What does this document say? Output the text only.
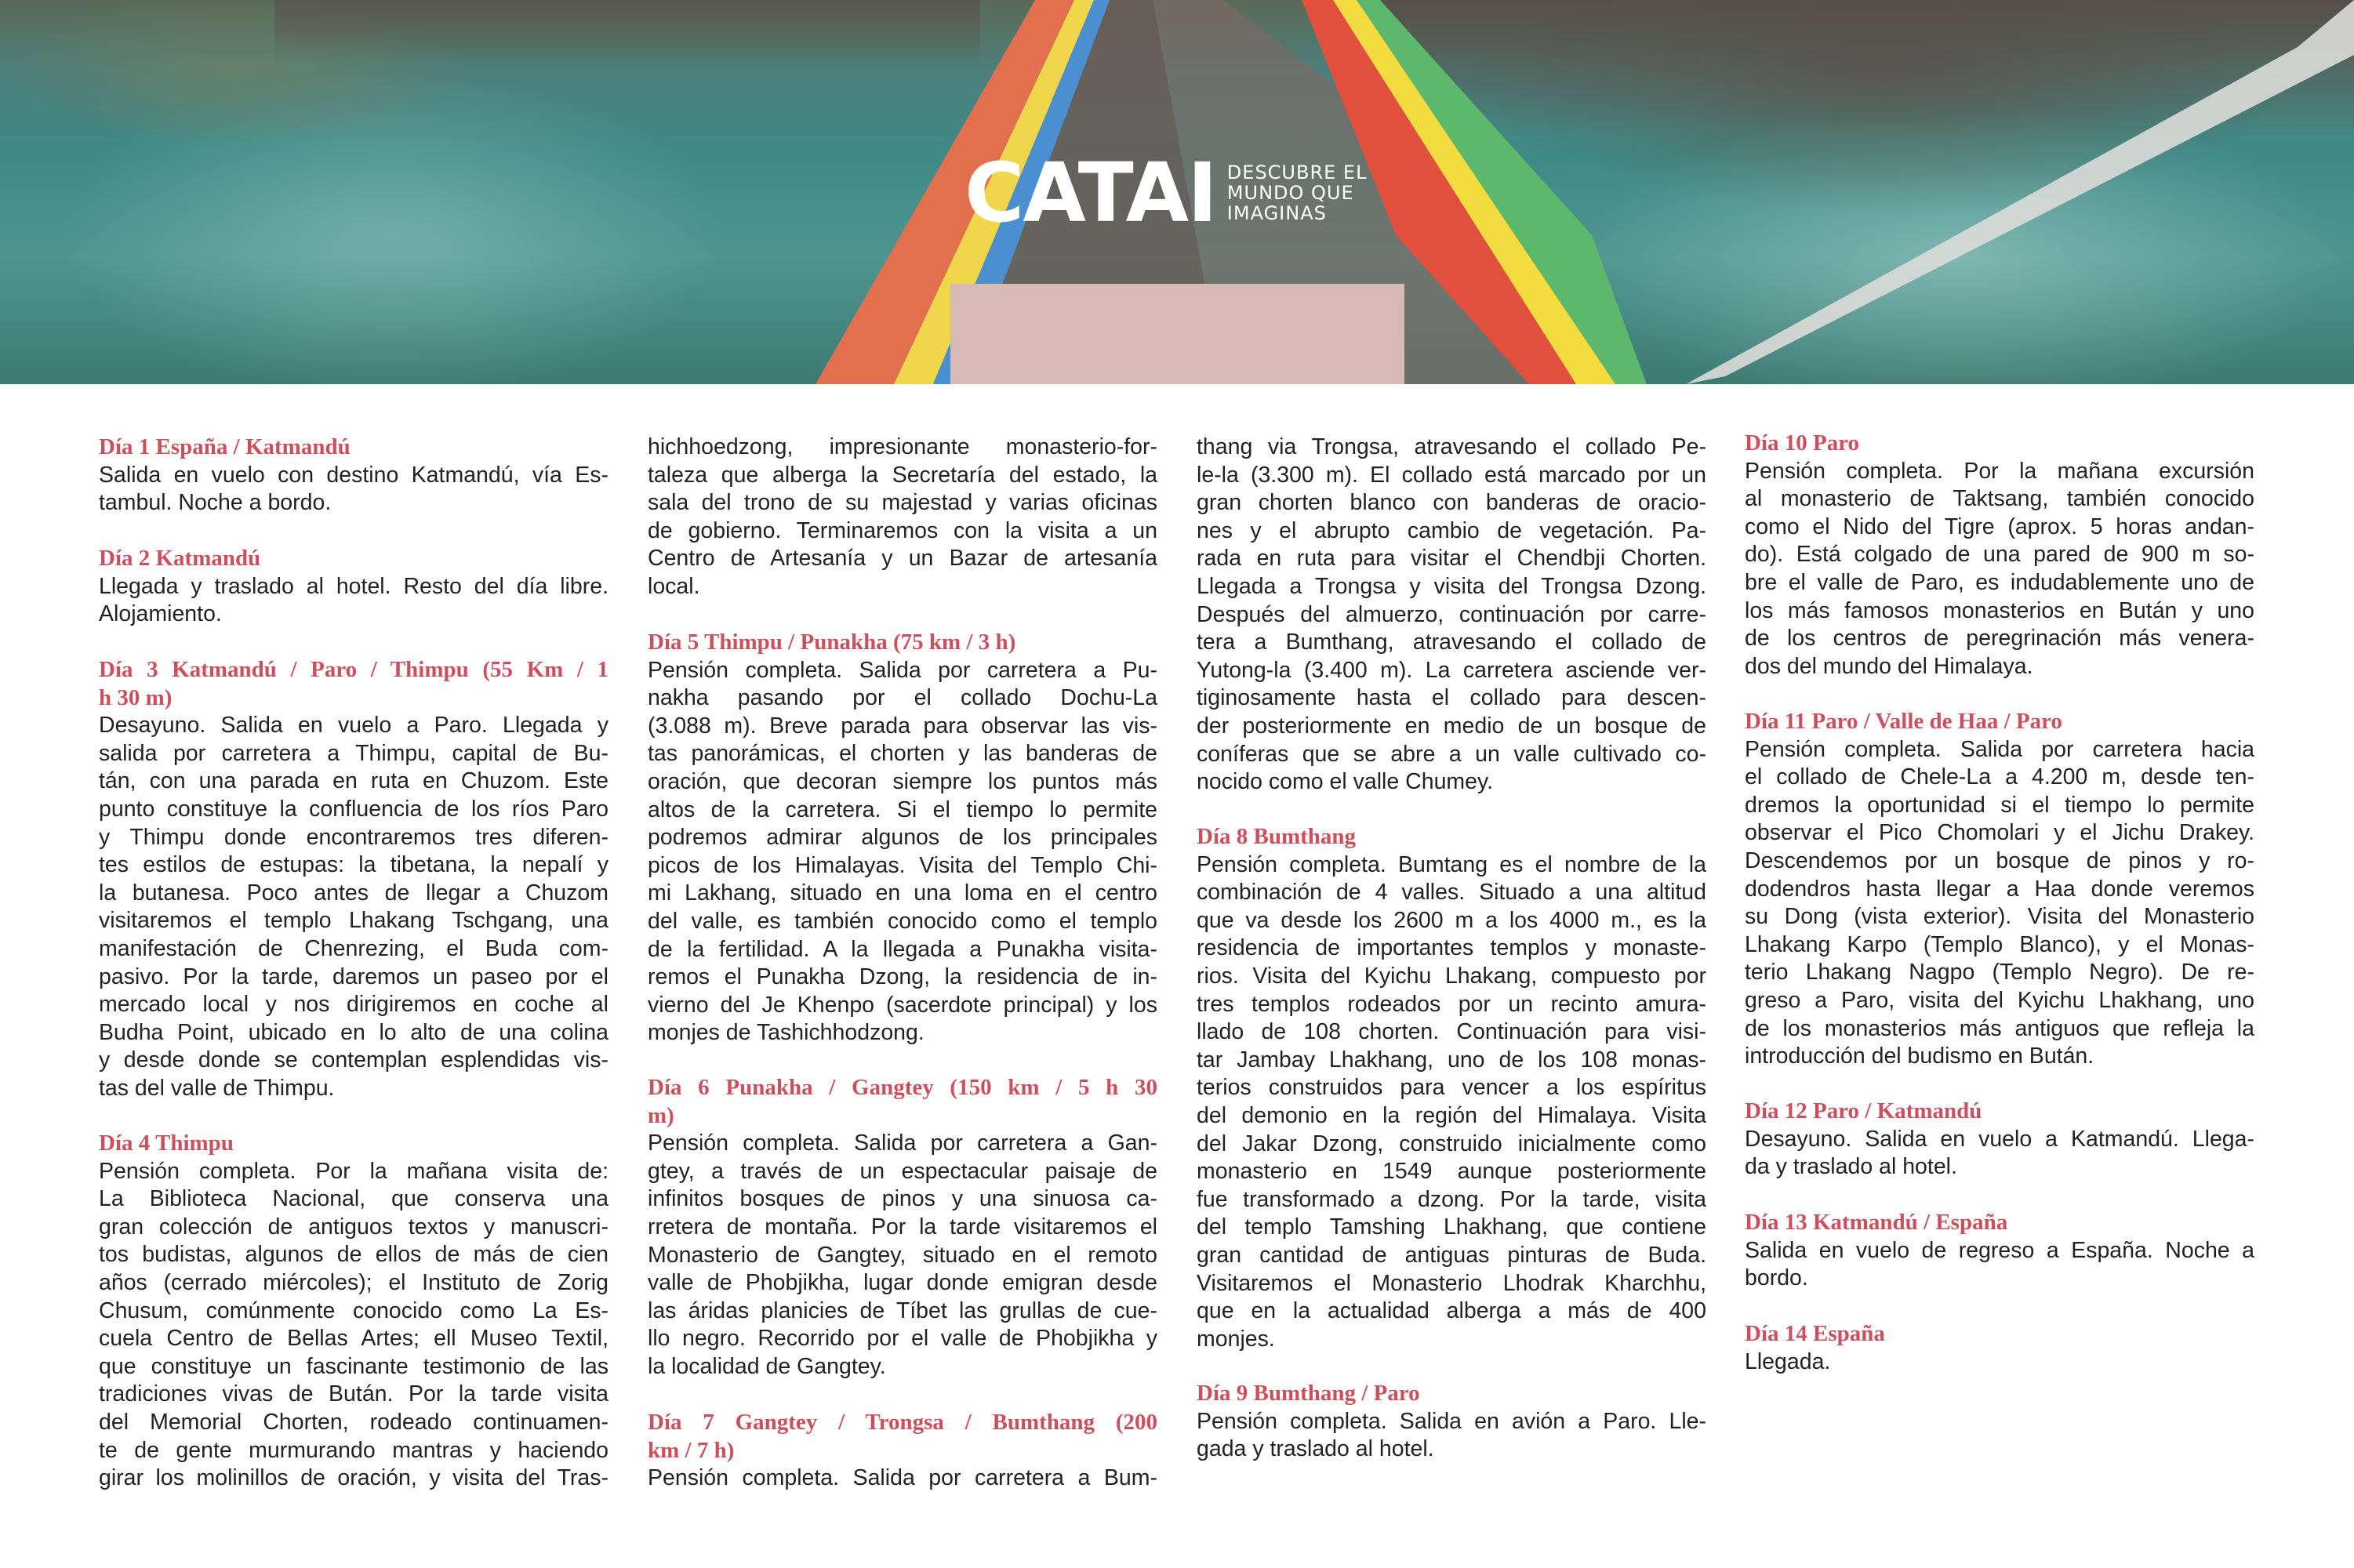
CATAI DESCUBRE EL
MUNDO QUE
IMAGINAS
Día 1 España / Katmandú
Salida en vuelo con destino Katmandú, vía Es-
tambul. Noche a bordo.
Día 2 Katmandú
Llegada y traslado al hotel. Resto del día libre.
Alojamiento.
Día 3 Katmandú / Paro / Thimpu (55 Km / 1
h 30 m)
Desayuno. Salida en vuelo a Paro. Llegada y
salida por carretera a Thimpu, capital de Bu-
tán, con una parada en ruta en Chuzom. Este
punto constituye la confluencia de los ríos Paro
y Thimpu donde encontraremos tres diferen-
tes estilos de estupas: la tibetana, la nepalí y
la butanesa. Poco antes de llegar a Chuzom
visitaremos el templo Lhakang Tschgang, una
manifestación de Chenrezing, el Buda com-
pasivo. Por la tarde, daremos un paseo por el
mercado local y nos dirigiremos en coche al
Budha Point, ubicado en lo alto de una colina
y desde donde se contemplan esplendidas vis-
tas del valle de Thimpu.
Día 4 Thimpu
Pensión completa. Por la mañana visita de:
La Biblioteca Nacional, que conserva una
gran colección de antiguos textos y manuscri-
tos budistas, algunos de ellos de más de cien
años (cerrado miércoles); el Instituto de Zorig
Chusum, comúnmente conocido como La Es-
cuela Centro de Bellas Artes; ell Museo Textil,
que constituye un fascinante testimonio de las
tradiciones vivas de Bután. Por la tarde visita
del Memorial Chorten, rodeado continuamen-
te de gente murmurando mantras y haciendo
girar los molinillos de oración, y visita del Tras-
hichhoedzong, impresionante monasterio-for-
taleza que alberga la Secretaría del estado, la
sala del trono de su majestad y varias oficinas
de gobierno. Terminaremos con la visita a un
Centro de Artesanía y un Bazar de artesanía
local.
Día 5 Thimpu / Punakha (75 km / 3 h)
Pensión completa. Salida por carretera a Pu-
nakha pasando por el collado Dochu-La
(3.088 m). Breve parada para observar las vis-
tas panorámicas, el chorten y las banderas de
oración, que decoran siempre los puntos más
altos de la carretera. Si el tiempo lo permite
podremos admirar algunos de los principales
picos de los Himalayas. Visita del Templo Chi-
mi Lakhang, situado en una loma en el centro
del valle, es también conocido como el templo
de la fertilidad. A la llegada a Punakha visita-
remos el Punakha Dzong, la residencia de in-
vierno del Je Khenpo (sacerdote principal) y los
monjes de Tashichhodzong.
Día 6 Punakha / Gangtey (150 km / 5 h 30
m)
Pensión completa. Salida por carretera a Gan-
gtey, a través de un espectacular paisaje de
infinitos bosques de pinos y una sinuosa ca-
rretera de montaña. Por la tarde visitaremos el
Monasterio de Gangtey, situado en el remoto
valle de Phobjikha, lugar donde emigran desde
las áridas planicies de Tíbet las grullas de cue-
llo negro. Recorrido por el valle de Phobjikha y
la localidad de Gangtey.
Día 7 Gangtey / Trongsa / Bumthang (200
km / 7 h)
Pensión completa. Salida por carretera a Bum-
thang via Trongsa, atravesando el collado Pe-
le-la (3.300 m). El collado está marcado por un
gran chorten blanco con banderas de oracio-
nes y el abrupto cambio de vegetación. Pa-
rada en ruta para visitar el Chendbji Chorten.
Llegada a Trongsa y visita del Trongsa Dzong.
Después del almuerzo, continuación por carre-
tera a Bumthang, atravesando el collado de
Yutong-la (3.400 m). La carretera asciende ver-
tiginosamente hasta el collado para descen-
der posteriormente en medio de un bosque de
coníferas que se abre a un valle cultivado co-
nocido como el valle Chumey.
Día 8 Bumthang
Pensión completa. Bumtang es el nombre de la
combinación de 4 valles. Situado a una altitud
que va desde los 2600 m a los 4000 m., es la
residencia de importantes templos y monaste-
rios. Visita del Kyichu Lhakang, compuesto por
tres templos rodeados por un recinto amura-
llado de 108 chorten. Continuación para visi-
tar Jambay Lhakhang, uno de los 108 monas-
terios construidos para vencer a los espíritus
del demonio en la región del Himalaya. Visita
del Jakar Dzong, construido inicialmente como
monasterio en 1549 aunque posteriormente
fue transformado a dzong. Por la tarde, visita
del templo Tamshing Lhakhang, que contiene
gran cantidad de antiguas pinturas de Buda.
Visitaremos el Monasterio Lhodrak Kharchhu,
que en la actualidad alberga a más de 400
monjes.
Día 9 Bumthang / Paro
Pensión completa. Salida en avión a Paro. Lle-
gada y traslado al hotel.
Día 10 Paro
Pensión completa. Por la mañana excursión
al monasterio de Taktsang, también conocido
como el Nido del Tigre (aprox. 5 horas andan-
do). Está colgado de una pared de 900 m so-
bre el valle de Paro, es indudablemente uno de
los más famosos monasterios en Bután y uno
de los centros de peregrinación más venera-
dos del mundo del Himalaya.
Día 11 Paro / Valle de Haa / Paro
Pensión completa. Salida por carretera hacia
el collado de Chele-La a 4.200 m, desde ten-
dremos la oportunidad si el tiempo lo permite
observar el Pico Chomolari y el Jichu Drakey.
Descendemos por un bosque de pinos y ro-
dodendros hasta llegar a Haa donde veremos
su Dong (vista exterior). Visita del Monasterio
Lhakang Karpo (Templo Blanco), y el Monas-
terio Lhakang Nagpo (Templo Negro). De re-
greso a Paro, visita del Kyichu Lhakhang, uno
de los monasterios más antiguos que refleja la
introducción del budismo en Bután.
Día 12 Paro / Katmandú
Desayuno. Salida en vuelo a Katmandú. Llega-
da y traslado al hotel.
Día 13 Katmandú / España
Salida en vuelo de regreso a España. Noche a
bordo.
Día 14 España
Llegada.
